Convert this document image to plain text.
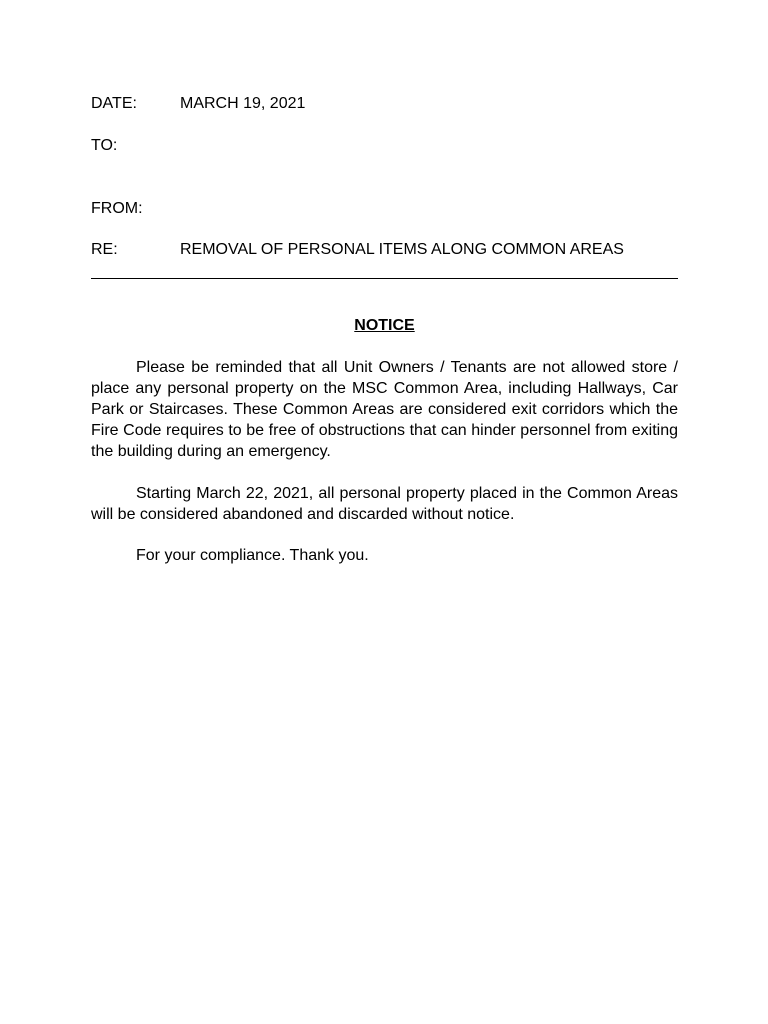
DATE:	MARCH 19, 2021
TO:
FROM:
RE:	REMOVAL OF PERSONAL ITEMS ALONG COMMON AREAS
NOTICE

Please be reminded that all Unit Owners / Tenants are not allowed store / place any personal property on the MSC Common Area, including Hallways, Car Park or Staircases. These Common Areas are considered exit corridors which the Fire Code requires to be free of obstructions that can hinder personnel from exiting the building during an emergency.

Starting March 22, 2021, all personal property placed in the Common Areas will be considered abandoned and discarded without notice.

For your compliance. Thank you.
